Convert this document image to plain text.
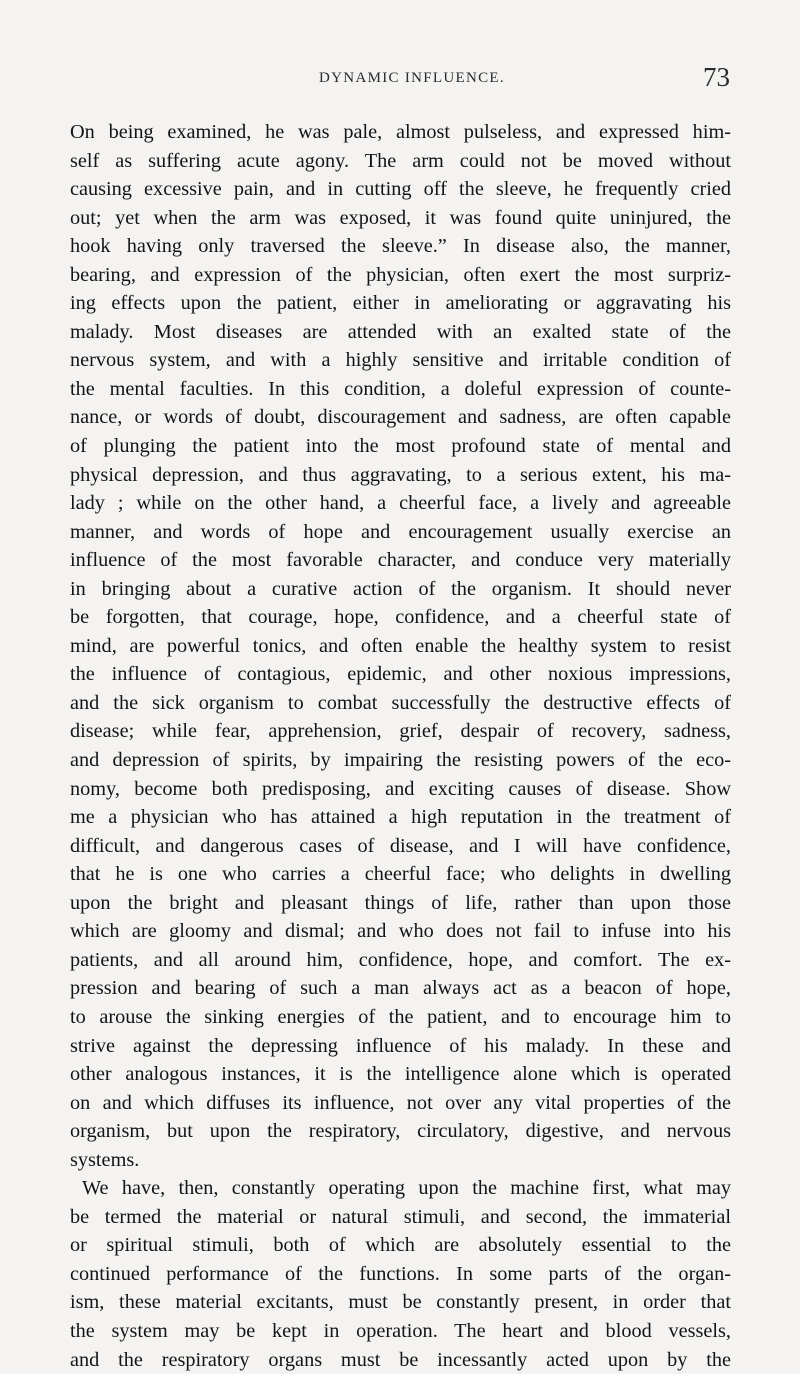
DYNAMIC INFLUENCE.	73
On being examined, he was pale, almost pulseless, and expressed him-
self as suffering acute agony. The arm could not be moved without
causing excessive pain, and in cutting off the sleeve, he frequently cried
out; yet when the arm was exposed, it was found quite uninjured, the
hook having only traversed the sleeve.” In disease also, the manner,
bearing, and expression of the physician, often exert the most surpriz-
ing effects upon the patient, either in ameliorating or aggravating his
malady. Most diseases are attended with an exalted state of the
nervous system, and with a highly sensitive and irritable condition of
the mental faculties. In this condition, a doleful expression of counte-
nance, or words of doubt, discouragement and sadness, are often capable
of plunging the patient into the most profound state of mental and
physical depression, and thus aggravating, to a serious extent, his ma-
lady ; while on the other hand, a cheerful face, a lively and agreeable
manner, and words of hope and encouragement usually exercise an
influence of the most favorable character, and conduce very materially
in bringing about a curative action of the organism. It should never
be forgotten, that courage, hope, confidence, and a cheerful state of
mind, are powerful tonics, and often enable the healthy system to resist
the influence of contagious, epidemic, and other noxious impressions,
and the sick organism to combat successfully the destructive effects of
disease; while fear, apprehension, grief, despair of recovery, sadness,
and depression of spirits, by impairing the resisting powers of the eco-
nomy, become both predisposing, and exciting causes of disease. Show
me a physician who has attained a high reputation in the treatment of
difficult, and dangerous cases of disease, and I will have confidence,
that he is one who carries a cheerful face; who delights in dwelling
upon the bright and pleasant things of life, rather than upon those
which are gloomy and dismal; and who does not fail to infuse into his
patients, and all around him, confidence, hope, and comfort. The ex-
pression and bearing of such a man always act as a beacon of hope,
to arouse the sinking energies of the patient, and to encourage him to
strive against the depressing influence of his malady. In these and
other analogous instances, it is the intelligence alone which is operated
on and which diffuses its influence, not over any vital properties of the
organism, but upon the respiratory, circulatory, digestive, and nervous
systems.
We have, then, constantly operating upon the machine first, what may
be termed the material or natural stimuli, and second, the immaterial
or spiritual stimuli, both of which are absolutely essential to the
continued performance of the functions. In some parts of the organ-
ism, these material excitants, must be constantly present, in order that
the system may be kept in operation. The heart and blood vessels,
and the respiratory organs must be incessantly acted upon by the
